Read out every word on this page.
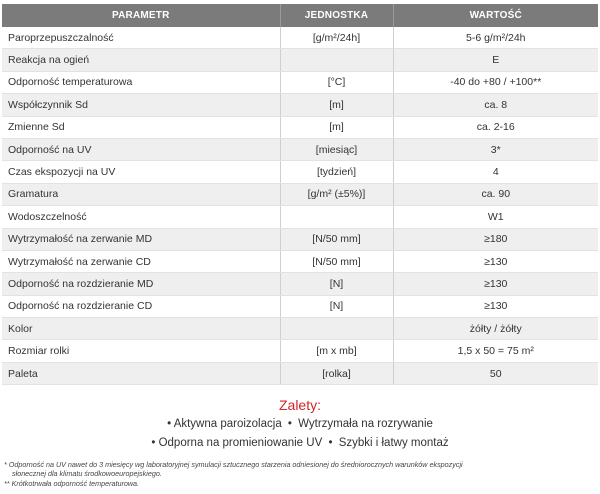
PARAMETR	JEDNOSTKA	WARTOŚĆ
Paroprzepuszczalność	[g/m²/24h]	5-6 g/m²/24h
Reakcja na ogień		E
Odporność temperaturowa	[°C]	-40 do +80 / +100**
Współczynnik Sd	[m]	ca. 8
Zmienne Sd	[m]	ca. 2-16
Odporność na UV	[miesiąc]	3*
Czas ekspozycji na UV	[tydzień]	4
Gramatura	[g/m² (±5%)]	ca. 90
Wodoszczelność		W1
Wytrzymałość na zerwanie MD	[N/50 mm]	≥180
Wytrzymałość na zerwanie CD	[N/50 mm]	≥130
Odporność na rozdzieranie MD	[N]	≥130
Odporność na rozdzieranie CD	[N]	≥130
Kolor		żółty / żółty
Rozmiar rolki	[m x mb]	1,5 x 50 = 75 m²
Paleta	[rolka]	50
Zalety:
• Aktywna paroizolacja • Wytrzymała na rozrywanie
• Odporna na promieniowanie UV • Szybki i łatwy montaż
* Odporność na UV nawet do 3 miesięcy wg laboratoryjnej symulacji sztucznego starzenia odniesionej do średniorocznych warunków ekspozycji
słonecznej dla klimatu środkowoeuropejskiego.
** Krótkotrwała odporność temperaturowa.
